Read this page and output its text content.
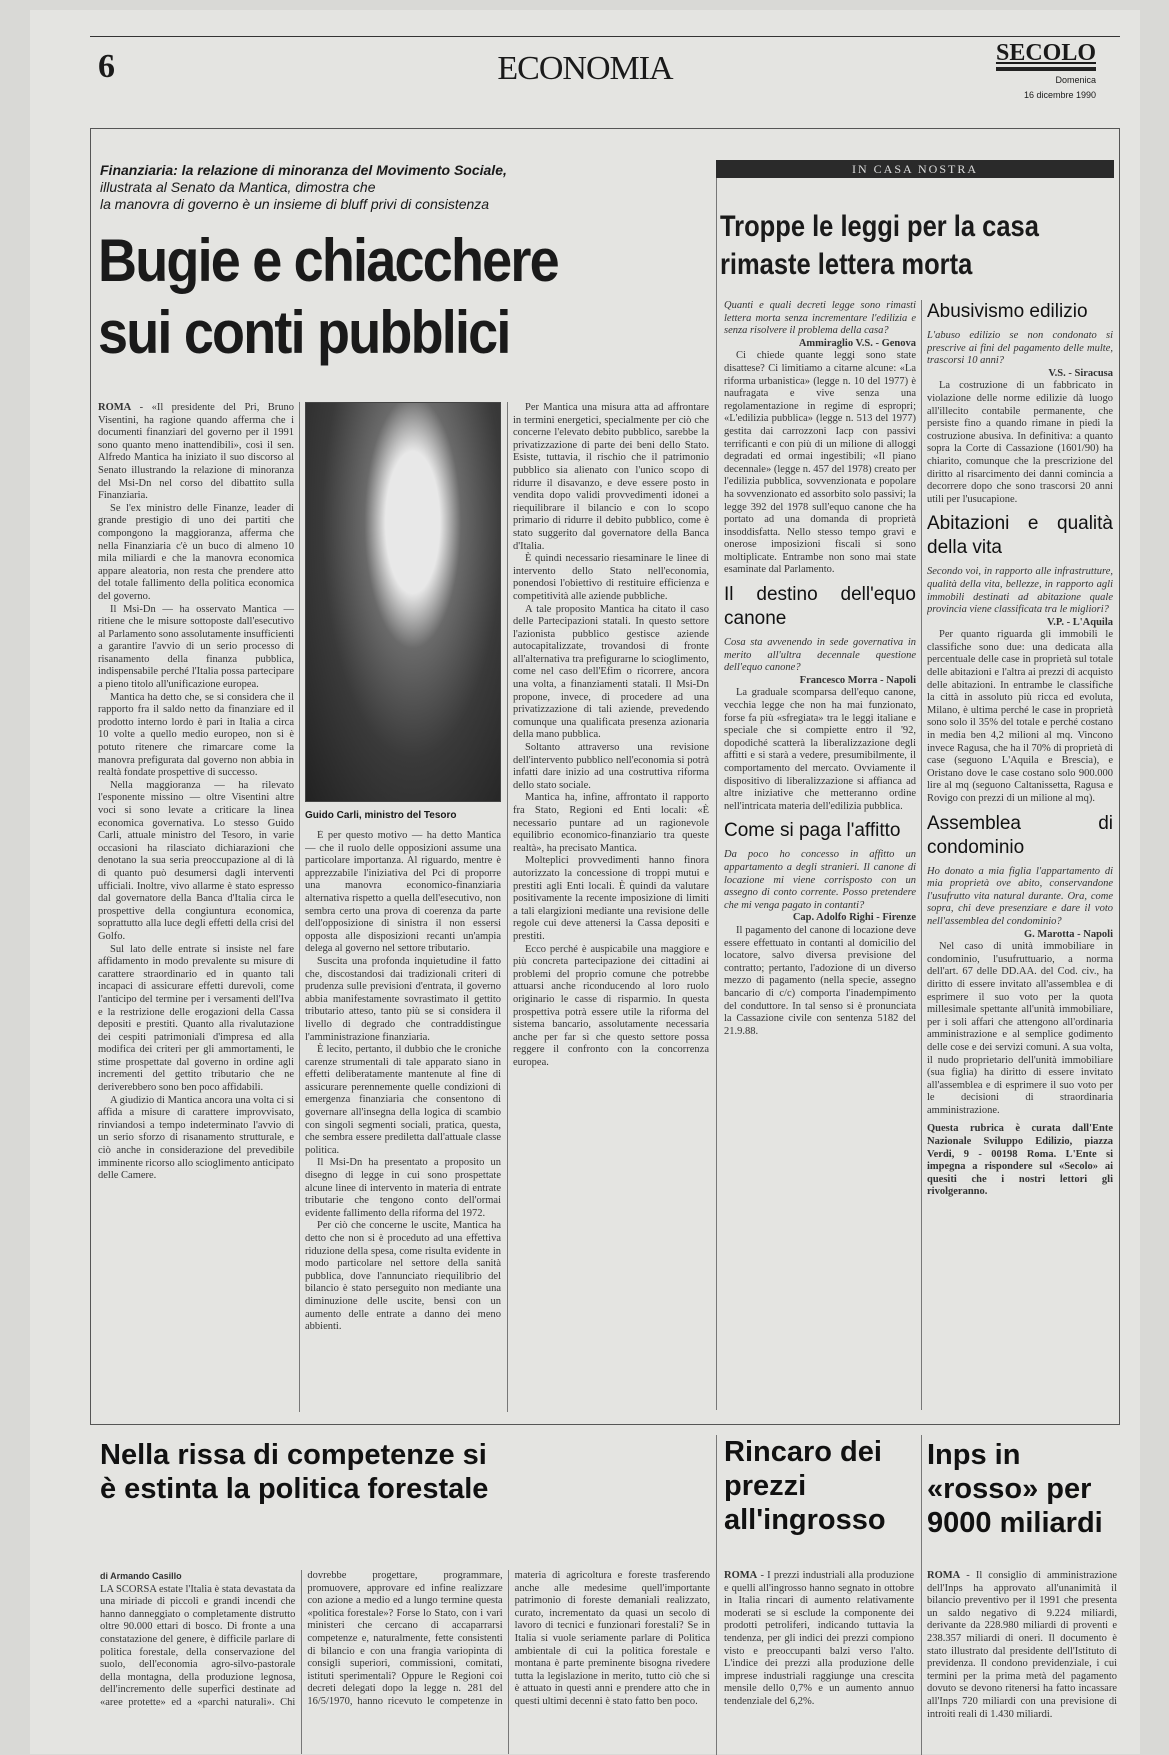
6	ECONOMIA	SECOLO
Domenica
16 dicembre 1990
Finanziaria: la relazione di minoranza del Movimento Sociale,
illustrata al Senato da Mantica, dimostra che
la manovra di governo è un insieme di bluff privi di consistenza
Bugie e chiacchere
sui conti pubblici

ROMA - «Il presidente del Pri, Bruno Visentini, ha ragione quando afferma che i documenti finanziari del governo per il 1991 sono quanto meno inattendibili», così il sen. Alfredo Mantica ha iniziato il suo discorso al Senato illustrando la relazione di minoranza del Msi-Dn nel corso del dibattito sulla Finanziaria.

Se l'ex ministro delle Finanze, leader di grande prestigio di uno dei partiti che compongono la maggioranza, afferma che nella Finanziaria c'è un buco di almeno 10 mila miliardi e che la manovra economica appare aleatoria, non resta che prendere atto del totale fallimento della politica economica del governo.

Il Msi-Dn — ha osservato Mantica — ritiene che le misure sottoposte dall'esecutivo al Parlamento sono assolutamente insufficienti a garantire l'avvio di un serio processo di risanamento della finanza pubblica, indispensabile perché l'Italia possa partecipare a pieno titolo all'unificazione europea.

Mantica ha detto che, se si considera che il rapporto fra il saldo netto da finanziare ed il prodotto interno lordo è pari in Italia a circa 10 volte a quello medio europeo, non si è potuto ritenere che rimarcare come la manovra prefigurata dal governo non abbia in realtà fondate prospettive di successo.

Nella maggioranza — ha rilevato l'esponente missino — oltre Visentini altre voci si sono levate a criticare la linea economica governativa. Lo stesso Guido Carli, attuale ministro del Tesoro, in varie occasioni ha rilasciato dichiarazioni che denotano la sua seria preoccupazione al di là di quanto può desumersi dagli interventi ufficiali. Inoltre, vivo allarme è stato espresso dal governatore della Banca d'Italia circa le prospettive della congiuntura economica, soprattutto alla luce degli effetti della crisi del Golfo.

Sul lato delle entrate si insiste nel fare affidamento in modo prevalente su misure di carattere straordinario ed in quanto tali incapaci di assicurare effetti durevoli, come l'anticipo del termine per i versamenti dell'Iva e la restrizione delle erogazioni della Cassa depositi e prestiti. Quanto alla rivalutazione dei cespiti patrimoniali d'impresa ed alla modifica dei criteri per gli ammortamenti, le stime prospettate dal governo in ordine agli incrementi del gettito tributario che ne deriverebbero sono ben poco affidabili.

A giudizio di Mantica ancora una volta ci si affida a misure di carattere improvvisato, rinviandosi a tempo indeterminato l'avvio di un serio sforzo di risanamento strutturale, e ciò anche in considerazione del prevedibile imminente ricorso allo scioglimento anticipato delle Camere.

Guido Carli, ministro del Tesoro

È per questo motivo — ha detto Mantica — che il ruolo delle opposizioni assume una particolare importanza. Al riguardo, mentre è apprezzabile l'iniziativa del Pci di proporre una manovra economico-finanziaria alternativa rispetto a quella dell'esecutivo, non sembra certo una prova di coerenza da parte dell'opposizione di sinistra il non essersi opposta alle disposizioni recanti un'ampia delega al governo nel settore tributario.

Suscita una profonda inquietudine il fatto che, discostandosi dai tradizionali criteri di prudenza sulle previsioni d'entrata, il governo abbia manifestamente sovrastimato il gettito tributario atteso, tanto più se si considera il livello di degrado che contraddistingue l'amministrazione finanziaria.

È lecito, pertanto, il dubbio che le croniche carenze strumentali di tale apparato siano in effetti deliberatamente mantenute al fine di assicurare perennemente quelle condizioni di emergenza finanziaria che consentono di governare all'insegna della logica di scambio con singoli segmenti sociali, pratica, questa, che sembra essere prediletta dall'attuale classe politica.

Il Msi-Dn ha presentato a proposito un disegno di legge in cui sono prospettate alcune linee di intervento in materia di entrate tributarie che tengono conto dell'ormai evidente fallimento della riforma del 1972.

Per ciò che concerne le uscite, Mantica ha detto che non si è proceduto ad una effettiva riduzione della spesa, come risulta evidente in modo particolare nel settore della sanità pubblica, dove l'annunciato riequilibrio del bilancio è stato perseguito non mediante una diminuzione delle uscite, bensì con un aumento delle entrate a danno dei meno abbienti.

Per Mantica una misura atta ad affrontare in termini energetici, specialmente per ciò che concerne l'elevato debito pubblico, sarebbe la privatizzazione di parte dei beni dello Stato. Esiste, tuttavia, il rischio che il patrimonio pubblico sia alienato con l'unico scopo di ridurre il disavanzo, e deve essere posto in vendita dopo validi provvedimenti idonei a riequilibrare il bilancio e con lo scopo primario di ridurre il debito pubblico, come è stato suggerito dal governatore della Banca d'Italia.

È quindi necessario riesaminare le linee di intervento dello Stato nell'economia, ponendosi l'obiettivo di restituire efficienza e competitività alle aziende pubbliche.

A tale proposito Mantica ha citato il caso delle Partecipazioni statali. In questo settore l'azionista pubblico gestisce aziende autocapitalizzate, trovandosi di fronte all'alternativa tra prefigurarne lo scioglimento, come nel caso dell'Efim o ricorrere, ancora una volta, a finanziamenti statali. Il Msi-Dn propone, invece, di procedere ad una privatizzazione di tali aziende, prevedendo comunque una qualificata presenza azionaria della mano pubblica.

Soltanto attraverso una revisione dell'intervento pubblico nell'economia si potrà infatti dare inizio ad una costruttiva riforma dello stato sociale.

Mantica ha, infine, affrontato il rapporto fra Stato, Regioni ed Enti locali: «È necessario puntare ad un ragionevole equilibrio economico-finanziario tra queste realtà», ha precisato Mantica.

Molteplici provvedimenti hanno finora autorizzato la concessione di troppi mutui e prestiti agli Enti locali. È quindi da valutare positivamente la recente imposizione di limiti a tali elargizioni mediante una revisione delle regole cui deve attenersi la Cassa depositi e prestiti.

Ecco perché è auspicabile una maggiore e più concreta partecipazione dei cittadini ai problemi del proprio comune che potrebbe attuarsi anche riconducendo al loro ruolo originario le casse di risparmio. In questa prospettiva potrà essere utile la riforma del sistema bancario, assolutamente necessaria anche per far sì che questo settore possa reggere il confronto con la concorrenza europea.

IN CASA NOSTRA
Troppe le leggi per la casa rimaste lettera morta

Quanti e quali decreti legge sono rimasti lettera morta senza incrementare l'edilizia e senza risolvere il problema della casa?

Ammiraglio V.S. - Genova

Ci chiede quante leggi sono state disattese? Ci limitiamo a citarne alcune: «La riforma urbanistica» (legge n. 10 del 1977) è naufragata e vive senza una regolamentazione in regime di espropri; «L'edilizia pubblica» (legge n. 513 del 1977) gestita dai carrozzoni Iacp con passivi terrificanti e con più di un milione di alloggi degradati ed ormai ingestibili; «Il piano decennale» (legge n. 457 del 1978) creato per l'edilizia pubblica, sovvenzionata e popolare ha sovvenzionato ed assorbito solo passivi; la legge 392 del 1978 sull'equo canone che ha portato ad una domanda di proprietà insoddisfatta. Nello stesso tempo gravi e onerose imposizioni fiscali si sono moltiplicate. Entrambe non sono mai state esaminate dal Parlamento.

Il destino dell'equo canone

Cosa sta avvenendo in sede governativa in merito all'ultra decennale questione dell'equo canone?

Francesco Morra - Napoli

La graduale scomparsa dell'equo canone, vecchia legge che non ha mai funzionato, forse fa più «sfregiata» tra le leggi italiane e speciale che si compiette entro il '92, dopodiché scatterà la liberalizzazione degli affitti e si starà a vedere, presumibilmente, il comportamento del mercato. Ovviamente il dispositivo di liberalizzazione si affianca ad altre iniziative che metteranno ordine nell'intricata materia dell'edilizia pubblica.

Come si paga l'affitto

Da poco ho concesso in affitto un appartamento a degli stranieri. Il canone di locazione mi viene corrisposto con un assegno di conto corrente. Posso pretendere che mi venga pagato in contanti?

Cap. Adolfo Righi - Firenze

Il pagamento del canone di locazione deve essere effettuato in contanti al domicilio del locatore, salvo diversa previsione del contratto; pertanto, l'adozione di un diverso mezzo di pagamento (nella specie, assegno bancario di c/c) comporta l'inadempimento del conduttore. In tal senso si è pronunciata la Cassazione civile con sentenza 5182 del 21.9.88.

Abusivismo edilizio

L'abuso edilizio se non condonato si prescrive ai fini del pagamento delle multe, trascorsi 10 anni?

V.S. - Siracusa

La costruzione di un fabbricato in violazione delle norme edilizie dà luogo all'illecito contabile permanente, che persiste fino a quando rimane in piedi la costruzione abusiva. In definitiva: a quanto sopra la Corte di Cassazione (1601/90) ha chiarito, comunque che la prescrizione del diritto al risarcimento dei danni comincia a decorrere dopo che sono trascorsi 20 anni utili per l'usucapione.

Abitazioni e qualità della vita

Secondo voi, in rapporto alle infrastrutture, qualità della vita, bellezze, in rapporto agli immobili destinati ad abitazione quale provincia viene classificata tra le migliori?

V.P. - L'Aquila

Per quanto riguarda gli immobili le classifiche sono due: una dedicata alla percentuale delle case in proprietà sul totale delle abitazioni e l'altra ai prezzi di acquisto delle abitazioni. In entrambe le classifiche la città in assoluto più ricca ed evoluta, Milano, è ultima perché le case in proprietà sono solo il 35% del totale e perché costano in media ben 4,2 milioni al mq. Vincono invece Ragusa, che ha il 70% di proprietà di case (seguono L'Aquila e Brescia), e Oristano dove le case costano solo 900.000 lire al mq (seguono Caltanissetta, Ragusa e Rovigo con prezzi di un milione al mq).

Assemblea di condominio

Ho donato a mia figlia l'appartamento di mia proprietà ove abito, conservandone l'usufrutto vita natural durante. Ora, come sopra, chi deve presenziare e dare il voto nell'assemblea del condominio?

G. Marotta - Napoli

Nel caso di unità immobiliare in condominio, l'usufruttuario, a norma dell'art. 67 delle DD.AA. del Cod. civ., ha diritto di essere invitato all'assemblea e di esprimere il suo voto per la quota millesimale spettante all'unità immobiliare, per i soli affari che attengono all'ordinaria amministrazione e al semplice godimento delle cose e dei servizi comuni. A sua volta, il nudo proprietario dell'unità immobiliare (sua figlia) ha diritto di essere invitato all'assemblea e di esprimere il suo voto per le decisioni di straordinaria amministrazione.

Questa rubrica è curata dall'Ente Nazionale Sviluppo Edilizio, piazza Verdi, 9 - 00198 Roma. L'Ente si impegna a rispondere sul «Secolo» ai quesiti che i nostri lettori gli rivolgeranno.

Nella rissa di competenze si è estinta la politica forestale

di Armando Casillo

LA SCORSA estate l'Italia è stata devastata da una miriade di piccoli e grandi incendi che hanno danneggiato o completamente distrutto oltre 90.000 ettari di bosco. Di fronte a una constatazione del genere, è difficile parlare di politica forestale, della conservazione del suolo, dell'economia agro-silvo-pastorale della montagna, della produzione legnosa, dell'incremento delle superfici destinate ad «aree protette» ed a «parchi naturali». Chi dovrebbe progettare, programmare, promuovere, approvare ed infine realizzare con azione a medio ed a lungo termine questa «politica forestale»? Forse lo Stato, con i vari ministeri che cercano di accaparrarsi competenze e, naturalmente, fette consistenti di bilancio e con una frangia variopinta di consigli superiori, commissioni, comitati, istituti sperimentali? Oppure le Regioni coi decreti delegati dopo la legge n. 281 del 16/5/1970, hanno ricevuto le competenze in materia di agricoltura e foreste trasferendo anche alle medesime quell'importante patrimonio di foreste demaniali realizzato, curato, incrementato da quasi un secolo di lavoro di tecnici e funzionari forestali? Se in Italia si vuole seriamente parlare di Politica ambientale di cui la politica forestale e montana è parte preminente bisogna rivedere tutta la legislazione in merito, tutto ciò che si è attuato in questi anni e prendere atto che in questi ultimi decenni è stato fatto ben poco.

Rincaro dei prezzi all'ingrosso

ROMA - I prezzi industriali alla produzione e quelli all'ingrosso hanno segnato in ottobre in Italia rincari di aumento relativamente moderati se si esclude la componente dei prodotti petroliferi, indicando tuttavia la tendenza, per gli indici dei prezzi compiono visto e preoccupanti balzi verso l'alto. L'indice dei prezzi alla produzione delle imprese industriali raggiunge una crescita mensile dello 0,7% e un aumento annuo tendenziale del 6,2%.

Inps in «rosso» per 9000 miliardi

ROMA - Il consiglio di amministrazione dell'Inps ha approvato all'unanimità il bilancio preventivo per il 1991 che presenta un saldo negativo di 9.224 miliardi, derivante da 228.980 miliardi di proventi e 238.357 miliardi di oneri. Il documento è stato illustrato dal presidente dell'Istituto di previdenza. Il condono previdenziale, i cui termini per la prima metà del pagamento dovuto se devono ritenersi ha fatto incassare all'Inps 720 miliardi con una previsione di introiti reali di 1.430 miliardi.
